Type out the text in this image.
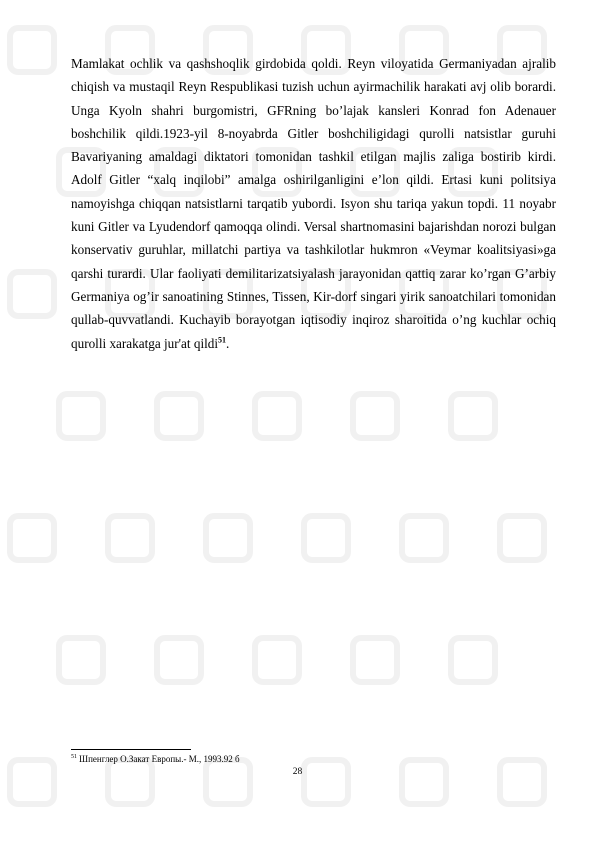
Mamlakat ochlik va qashshoqlik girdobida qoldi. Reyn viloyatida Germaniyadan ajralib chiqish va mustaqil Reyn Respublikasi tuzish uchun ayirmachilik harakati avj olib borardi. Unga Kyoln shahri burgomistri, GFRning bo’lajak kansleri Konrad fon Adenauer boshchilik qildi.1923-yil 8-noyabrda Gitler boshchiligidagi qurolli natsistlar guruhi Bavariyaning amaldagi diktatori tomonidan tashkil etilgan majlis zaliga bostirib kirdi. Adolf Gitler “xalq inqilobi” amalga oshirilganligini e’lon qildi. Ertasi kuni politsiya namoyishga chiqqan natsistlarni tarqatib yubordi. Isyon shu tariqa yakun topdi. 11 noyabr kuni Gitler va Lyudendorf qamoqqa olindi. Versal shartnomasini bajarishdan norozi bulgan konservativ guruhlar, millatchi partiya va tashkilotlar hukmron «Veymar koalitsiyasi»ga qarshi turardi. Ular faoliyati demilitarizatsiyalash jarayonidan qattiq zarar ko’rgan G’arbiy Germaniya og’ir sanoatining Stinnes, Tissen, Kir-dorf singari yirik sanoatchilari tomonidan qullab-quvvatlandi. Kuchayib borayotgan iqtisodiy inqiroz sharoitida o’ng kuchlar ochiq qurolli xarakatga jur'at qildi$^{51}$.

$^{51}$ Шпенглер О.Закат Европы.- М., 1993.92 б
28
